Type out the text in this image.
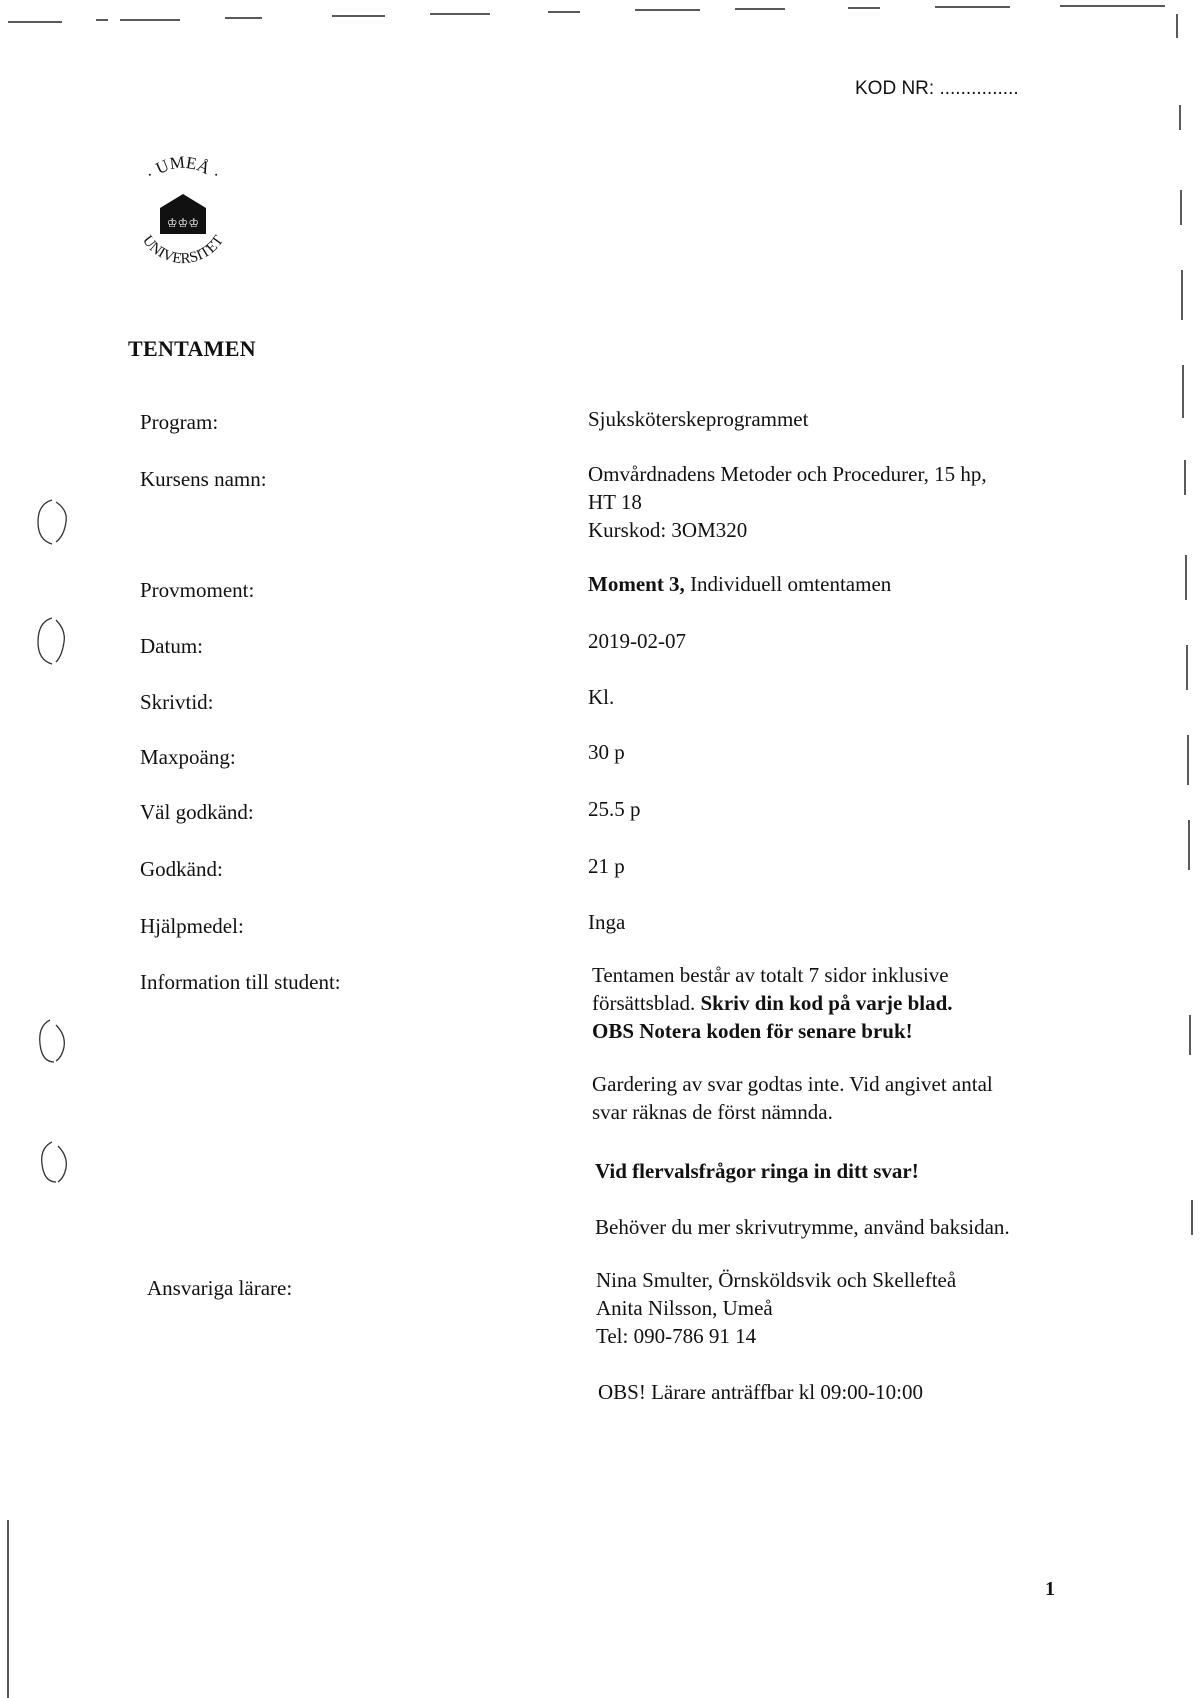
KOD NR: ...............
· UMEÅ ·
UNIVERSITET
♔♔♔
TENTAMEN
Program:	Sjuksköterskeprogrammet
Kursens namn:	Omvårdnadens Metoder och Procedurer, 15 hp,
HT 18
Kurskod: 3OM320
Provmoment:	Moment 3, Individuell omtentamen
Datum:	2019-02-07
Skrivtid:	Kl.
Maxpoäng:	30 p
Väl godkänd:	25.5 p
Godkänd:	21 p
Hjälpmedel:	Inga
Information till student:	Tentamen består av totalt 7 sidor inklusive
försättsblad. Skriv din kod på varje blad.
OBS Notera koden för senare bruk!
Gardering av svar godtas inte. Vid angivet antal
svar räknas de först nämnda.
Vid flervalsfrågor ringa in ditt svar!
Behöver du mer skrivutrymme, använd baksidan.
Ansvariga lärare:	Nina Smulter, Örnsköldsvik och Skellefteå
Anita Nilsson, Umeå
Tel: 090-786 91 14
OBS! Lärare anträffbar kl 09:00-10:00
1
